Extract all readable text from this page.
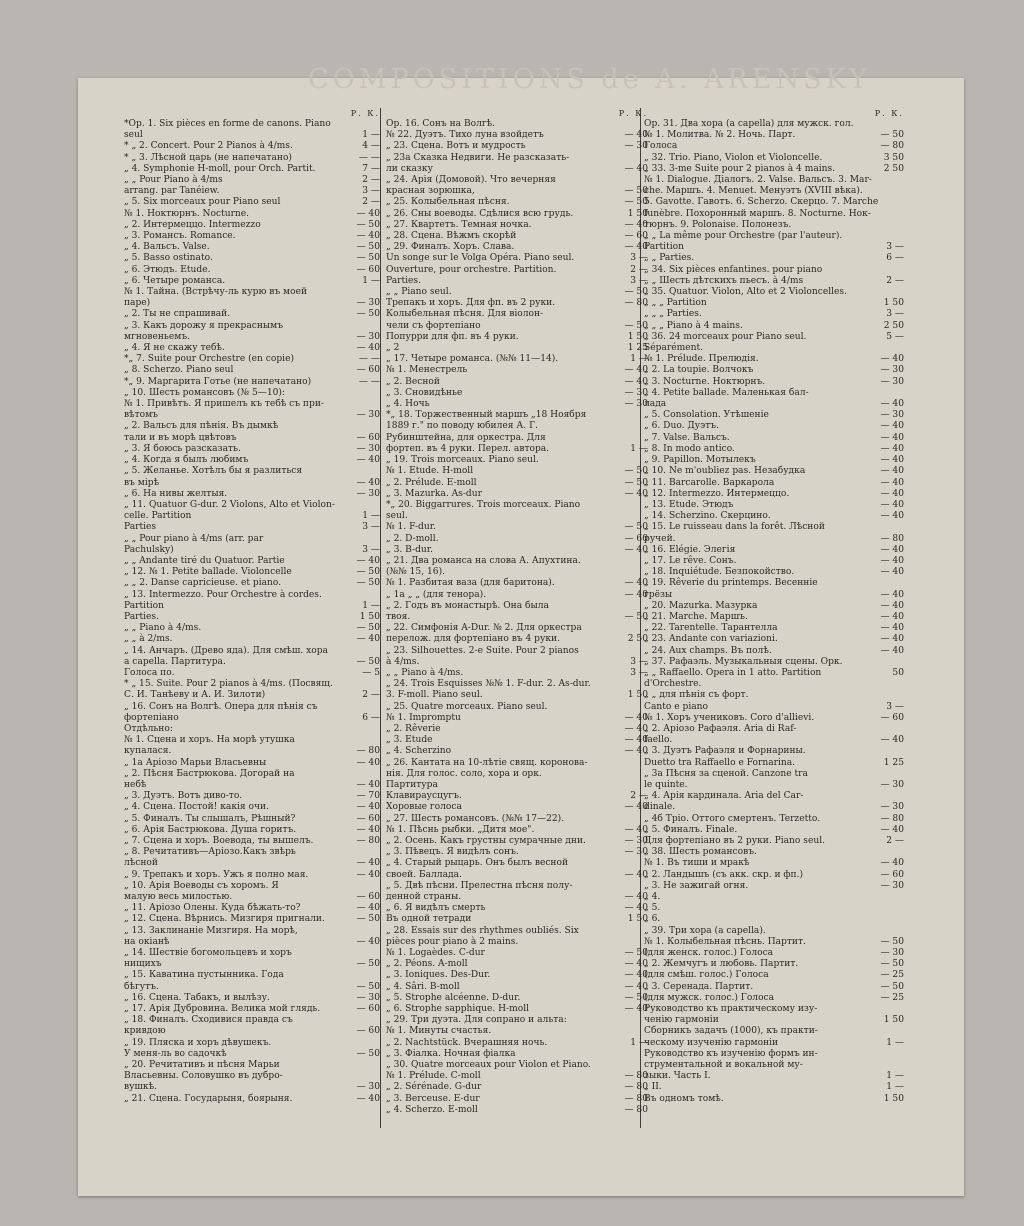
COMPOSITIONS de A. ARENSKY
Р. К.
*Op. 1. Six pièces en forme de canons. Piano
seul	1 —
* „ 2. Concert. Pour 2 Pianos à 4/ms.	4 —
* „ 3. Лѣсной царь (не напечатано)	— —
„ 4. Symphonie H-moll, pour Orch. Partit.	7 —
„ „ Pour Piano à 4/ms	2 —
arrang. par Tanéiew.	3 —
„ 5. Six morceaux pour Piano seul	2 —
№ 1. Ноктюрнъ. Nocturne.	— 40
„ 2. Интермеццо. Intermezzo	— 50
„ 3. Романсъ. Romance.	— 40
„ 4. Вальсъ. Valse.	— 50
„ 5. Basso ostinato.	— 50
„ 6. Этюдъ. Etude.	— 60
„ 6. Четыре романса.	1 —
№ 1. Тайна. (Встрѣчу-ль курю въ моей
паре)	— 30
„ 2. Ты не спрашивай.	— 50
„ 3. Какъ дорожу я прекраснымъ
мгновеньемъ.	— 30
„ 4. Я не скажу тебѣ.	— 40
*„ 7. Suite pour Orchestre (en copie)	— —
„ 8. Scherzo. Piano seul	— 60
*„ 9. Маргарита Готье (не напечатано)	— —
„ 10. Шесть романсовъ (№ 5—10):
№ 1. Привѣтъ. Я пришелъ къ тебѣ съ при-
вѣтомъ	— 30
„ 2. Вальсъ для пѣнія. Въ дымкѣ
тали и въ морѣ цвѣтовъ	— 60
„ 3. Я боюсь разсказать.	— 30
„ 4. Когда я былъ любимъ	— 40
„ 5. Желанье. Хотѣлъ бы я разлиться
въ мірѣ	— 40
„ 6. На нивы желтыя.	— 30
„ 11. Quatuor G-dur. 2 Violons, Alto et Violon-
celle. Partition	1 —
Parties	3 —
„ „ Pour piano à 4/ms (arr. par
Pachulsky)	3 —
„ „ Andante tiré du Quatuor. Partie	— 40
„ 12. № 1. Petite ballade. Violoncelle	— 50
„ „ 2. Danse capricieuse. et piano.	— 50
„ 13. Intermezzo. Pour Orchestre à cordes.
Partition	1 —
Parties.	1 50
„ „ Piano à 4/ms.	— 50
„ „ à 2/ms.	— 40
„ 14. Анчаръ. (Древо яда). Для смѣш. хора
a capella. Партитура.	— 50
Голоса по.	— 5
* „ 15. Suite. Pour 2 pianos à 4/ms. (Посвящ.
С. И. Танѣеву и А. И. Зилоти)	2 —
„ 16. Сонъ на Волгѣ. Опера для пѣнія съ
фортепіано	6 —
Отдѣльно:
№ 1. Сцена и хоръ. На морѣ утушка
купалася.	— 80
„ 1а Аріозо Марьи Власьевны	— 40
„ 2. Пѣсня Бастрюкова. Догорай на
небѣ	— 40
„ 3. Дуэтъ. Вотъ диво-то.	— 70
„ 4. Сцена. Постой! какія очи.	— 40
„ 5. Финалъ. Ты слышалъ, Рѣшный?	— 60
„ 6. Арія Бастрюкова. Душа горитъ.	— 40
„ 7. Сцена и хоръ. Воевода, ты вышелъ.	— 80
„ 8. Речитативъ—Аріозо.Какъ звѣрь
лѣсной	— 40
„ 9. Трепакъ и хоръ. Ужъ я полно мая.	— 40
„ 10. Арія Воеводы съ хоромъ. Я
малую весь милостью.	— 60
„ 11. Аріозо Олены. Куда бѣжать-то?	— 40
„ 12. Сцена. Вѣрнись. Мизгиря пригнали.	— 50
„ 13. Заклинаніе Мизгиря. На морѣ,
на окіанѣ	— 40
„ 14. Шествіе богомольцевъ и хоръ
нищихъ	— 50
„ 15. Каватина пустынника. Года
бѣгутъ.	— 50
„ 16. Сцена. Табакъ, и вылѣзу.	— 30
„ 17. Арія Дубровина. Велика мой глядь.	— 60
„ 18. Финалъ. Сходивися правда съ
кривдою	— 60
„ 19. Пляска и хоръ дѣвушекъ.
У меня-ль во садочкѣ	— 50
„ 20. Речитативъ и пѣсня Марьи
Власьевны. Соловушко въ дубро-
вушкѣ.	— 30
„ 21. Сцена. Государыня, боярыня.	— 40
Р. К.
Op. 16. Сонъ на Волгѣ.
№ 22. Дуэтъ. Тихо луна взойдетъ	— 40
„ 23. Сцена. Вотъ и мудрость	— 30
„ 23а Сказка Недвиги. Не разсказать-
ли сказку	— 40
„ 24. Арія (Домовой). Что вечерняя
красная зорюшка,	— 50
„ 25. Колыбельная пѣсня.	— 50
„ 26. Сны воеводы. Сдѣлися всю грудь.	1 50
„ 27. Квартетъ. Темная ночка.	— 40
„ 28. Сцена. Вѣжмъ скорѣй	— 60
„ 29. Финалъ. Хоръ. Слава.	— 40
Un songe sur le Volga Opéra. Piano seul.	3 —
Ouverture, pour orchestre. Partition.	2 —
Parties.	3 —
„ „ Piano seul.	— 50
Трепакъ и хоръ. Для фп. въ 2 руки.	— 80
Колыбельная пѣсня. Для віолон-
чели съ фортепіано	— 50
Попурри для фп. въ 4 руки.	1 50
„ 2	1 25
„ 17. Четыре романса. (№№ 11—14).	1 —
№ 1. Менестрель	— 40
„ 2. Весной	— 40
„ 3. Сновидѣнье	— 30
„ 4. Ночь	— 30
*„ 18. Торжественный маршъ „18 Ноября
1889 г." по поводу юбилея А. Г.
Рубинштейна, для оркестра. Для
фортеп. въ 4 руки. Перел. автора.	1 —
„ 19. Trois morceaux. Piano seul.
№ 1. Etude. H-moll	— 50
„ 2. Prélude. E-moll	— 50
„ 3. Mazurka. As-dur	— 40
*„ 20. Biggarrures. Trois morceaux. Piano
seul.
№ 1. F-dur.	— 50
„ 2. D-moll.	— 60
„ 3. B-dur.	— 40
„ 21. Два романса на слова А. Апухтина.
(№№ 15, 16).
№ 1. Разбитая ваза (для баритона).	— 40
„ 1а „ „ (для тенора).	— 40
„ 2. Годъ въ монастырѣ. Она была
твоя.	— 50
„ 22. Симфонія A-Dur. № 2. Для оркестра
перелож. для фортепіано въ 4 руки.	2 50
„ 23. Silhouettes. 2-e Suite. Pour 2 pianos
à 4/ms.	3 —
„ „ Piano à 4/ms.	3 —
„ 24. Trois Esquisses №№ 1. F-dur. 2. As-dur.
3. F-moll. Piano seul.	1 50
„ 25. Quatre morceaux. Piano seul.
№ 1. Impromptu	— 40
„ 2. Rêverie	— 40
„ 3. Etude	— 40
„ 4. Scherzino	— 40
„ 26. Кантата на 10-лѣтіе свящ. коронова-
нія. Для голос. соло, хора и орк.
Партитура
Клавираусцугъ.	2 —
Хоровые голоса	— 40
„ 27. Шесть романсовъ. (№№ 17—22).
№ 1. Пѣснь рыбки. „Дитя мое".	— 40
„ 2. Осень. Какъ грустны сумрачные дни.	— 30
„ 3. Пѣвецъ. Я видѣлъ сонъ.	— 30
„ 4. Старый рыцарь. Онъ былъ весной
своей. Баллада.	— 40
„ 5. Двѣ пѣсни. Прелестна пѣсня полу-
денной страны.	— 40
„ 6. Я видѣлъ смерть	— 40
Въ одной тетради	1 50
„ 28. Essais sur des rhythmes oubliés. Six
pièces pour piano à 2 mains.
№ 1. Logaèdes. C-dur	— 50
„ 2. Péons. A-moll	— 40
„ 3. Ioniques. Des-Dur.	— 40
„ 4. Sâri. B-moll	— 40
„ 5. Strophe alcéenne. D-dur.	— 50
„ 6. Strophe sapphique. H-moll	— 40
„ 29. Три дуэта. Для сопрано и альта:
№ 1. Минуты счастья.
„ 2. Nachtstück. Вчерашняя ночь.	1 —
„ 3. Фіалка. Ночная фіалка
„ 30. Quatre morceaux pour Violon et Piano.
№ 1. Prélude. C-moll	— 80
„ 2. Sérénade. G-dur	— 80
„ 3. Berceuse. E-dur	— 80
„ 4. Scherzo. E-moll	— 80
Р. К.
Op. 31. Два хора (a capella) для мужск. гол.
№ 1. Молитва. № 2. Ночь. Парт.	— 50
Голоса	— 80
„ 32. Trio. Piano, Violon et Violoncelle.	3 50
„ 33. 3-me Suite pour 2 pianos à 4 mains.	2 50
№ 1. Dialogue. Діалогъ. 2. Valse. Вальсъ. 3. Mar-
che. Маршъ. 4. Menuet. Менуэтъ (XVIII вѣка).
5. Gavotte. Гавотъ. 6. Scherzo. Скерцо. 7. Marche
funèbre. Похоронный маршъ. 8. Nocturne. Нок-
тюрнъ. 9. Polonaise. Полонезъ.
„ „ La même pour Orchestre (par l'auteur).
Partition	3 —
„ „ Parties.	6 —
„ 34. Six pièces enfantines. pour piano
„ „ Шесть дѣтскихъ пьесъ. à 4/ms	2 —
„ 35. Quatuor. Violon, Alto et 2 Violoncelles.
„ „ „ Partition	1 50
„ „ „ Parties.	3 —
„ „ „ Piano à 4 mains.	2 50
„ 36. 24 morceaux pour Piano seul.	5 —
Séparément.
№ 1. Prélude. Прелюдія.	— 40
„ 2. La toupie. Волчокъ	— 30
„ 3. Nocturne. Ноктюрнъ.	— 30
„ 4. Petite ballade. Маленькая бал-
лада	— 40
„ 5. Consolation. Утѣшеніе	— 30
„ 6. Duo. Дуэтъ.	— 40
„ 7. Valse. Вальсъ.	— 40
„ 8. In modo antico.	— 40
„ 9. Papillon. Мотылекъ	— 40
„ 10. Ne m'oubliez pas. Незабудка	— 40
„ 11. Barcarolle. Варкарола	— 40
„ 12. Intermezzo. Интермеццо.	— 40
„ 13. Etude. Этюдъ	— 40
„ 14. Scherzino. Скерцино.	— 40
„ 15. Le ruisseau dans la forêt. Лѣсной
ручей.	— 80
„ 16. Elégie. Элегія	— 40
„ 17. Le rêve. Сонъ.	— 40
„ 18. Inquiétude. Безпокойство.	— 40
„ 19. Rêverie du printemps. Весенніе
грёзы	— 40
„ 20. Mazurka. Мазурка	— 40
„ 21. Marche. Маршъ.	— 40
„ 22. Tarentelle. Тарантелла	— 40
„ 23. Andante con variazioni.	— 40
„ 24. Aux champs. Въ полѣ.	— 40
„ 37. Рафаэль. Музыкальныя сцены. Орк.
„ „ Raffaello. Opera in 1 atto. Partition	50
d'Orchestre.
„ „ для пѣнія съ форт.
Canto e piano	3 —
№ 1. Хоръ учениковъ. Coro d'allievi.	— 60
„ 2. Аріозо Рафаэля. Aria di Raf-
faello.	— 40
„ 3. Дуэтъ Рафаэля и Форнарины.
Duetto tra Raffaello e Fornarina.	1 25
„ 3а Пѣсня за сценой. Canzone tra
le quinte.	— 30
„ 4. Арія кардинала. Aria del Car-
dinale.	— 30
„ 4б Тріо. Оттого смертенъ. Terzetto.	— 80
„ 5. Финалъ. Finale.	— 40
Для фортепіано въ 2 руки. Piano seul.	2 —
„ 38. Шесть романсовъ.
№ 1. Въ тиши и мракѣ	— 40
„ 2. Ландышъ (съ акк. скр. и фп.)	— 60
„ 3. Не зажигай огня.	— 30
„ 4.
„ 5.
„ 6.
„ 39. Три хора (a capella).
№ 1. Колыбельная пѣснь. Партит.	— 50
(для женск. голос.) Голоса	— 30
„ 2. Жемчугъ и любовь. Партит.	— 50
(для смѣш. голос.) Голоса	— 25
„ 3. Серенада. Партит.	— 50
(для мужск. голос.) Голоса	— 25
Руководство къ практическому изу-
ченію гармоніи	1 50
Сборникъ задачъ (1000), къ практи-
ческому изученію гармоніи	1 —
Руководство къ изученію формъ ин-
струментальной и вокальной му-
зыки. Часть I.	1 —
„ II.	1 —
Въ одномъ томѣ.	1 50
